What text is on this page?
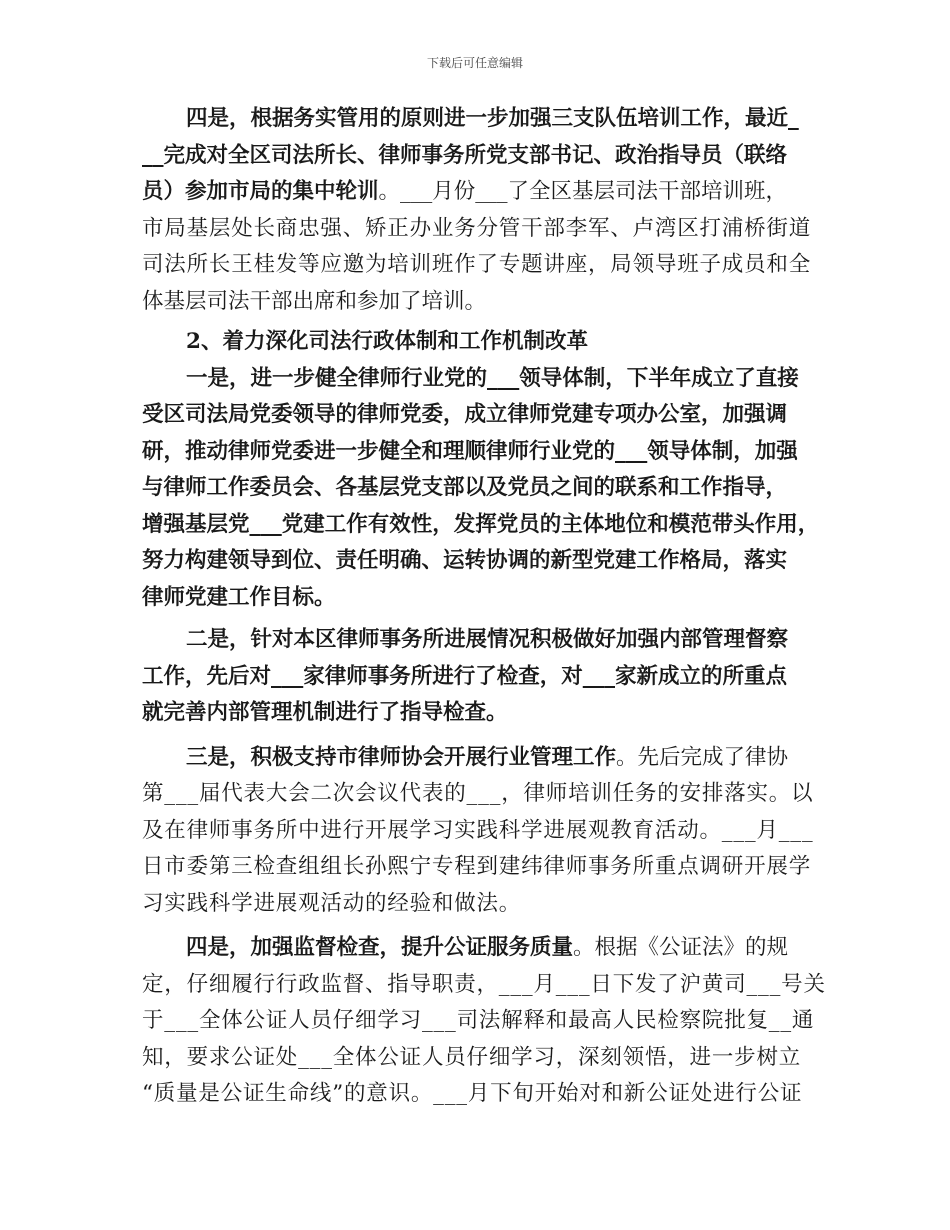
下载后可任意编辑
四是，根据务实管用的原则进一步加强三支队伍培训工作，最近_
__完成对全区司法所长、律师事务所党支部书记、政治指导员（联络
员）参加市局的集中轮训。___月份___了全区基层司法干部培训班，
市局基层处长商忠强、矫正办业务分管干部李军、卢湾区打浦桥街道
司法所长王桂发等应邀为培训班作了专题讲座，局领导班子成员和全
体基层司法干部出席和参加了培训。
2、着力深化司法行政体制和工作机制改革
一是，进一步健全律师行业党的___领导体制，下半年成立了直接
受区司法局党委领导的律师党委，成立律师党建专项办公室，加强调
研，推动律师党委进一步健全和理顺律师行业党的___领导体制，加强
与律师工作委员会、各基层党支部以及党员之间的联系和工作指导，
增强基层党___党建工作有效性，发挥党员的主体地位和模范带头作用，
努力构建领导到位、责任明确、运转协调的新型党建工作格局，落实
律师党建工作目标。
二是，针对本区律师事务所进展情况积极做好加强内部管理督察
工作，先后对___家律师事务所进行了检查，对___家新成立的所重点
就完善内部管理机制进行了指导检查。
三是，积极支持市律师协会开展行业管理工作。先后完成了律协
第___届代表大会二次会议代表的___，律师培训任务的安排落实。以
及在律师事务所中进行开展学习实践科学进展观教育活动。___月___
日市委第三检查组组长孙熙宁专程到建纬律师事务所重点调研开展学
习实践科学进展观活动的经验和做法。
四是，加强监督检查，提升公证服务质量。根据《公证法》的规
定，仔细履行行政监督、指导职责，___月___日下发了沪黄司___号关
于___全体公证人员仔细学习___司法解释和最高人民检察院批复__通
知，要求公证处___全体公证人员仔细学习，深刻领悟，进一步树立
“质量是公证生命线”的意识。___月下旬开始对和新公证处进行公证
